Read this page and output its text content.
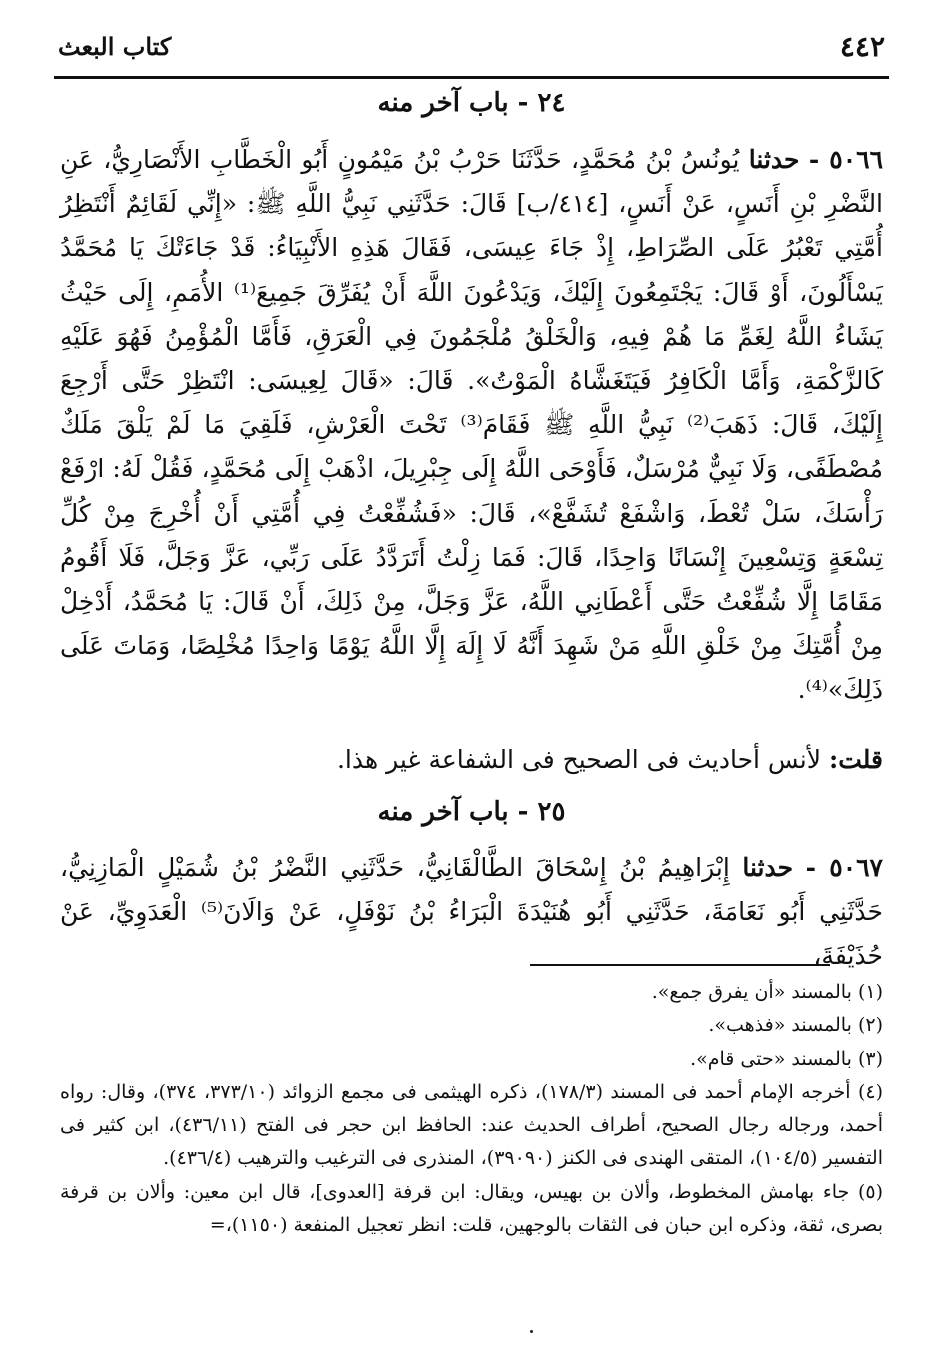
٤٤٢
كتاب البعث
٢٤ - باب آخر منه
٥٠٦٦ - حدثنا يُونُسُ بْنُ مُحَمَّدٍ، حَدَّثَنَا حَرْبُ بْنُ مَيْمُونٍ أَبُو الْخَطَّابِ الأَنْصَارِيُّ، عَنِ النَّضْرِ بْنِ أَنَسٍ، عَنْ أَنَسٍ، [٤١٤/ب] قَالَ: حَدَّثَنِي نَبِيُّ اللَّهِ ﷺ: «إِنِّي لَقَائِمٌ أَنْتَظِرُ أُمَّتِي تَعْبُرُ عَلَى الصِّرَاطِ، إِذْ جَاءَ عِيسَى، فَقَالَ هَذِهِ الأَنْبِيَاءُ: قَدْ جَاءَتْكَ يَا مُحَمَّدُ يَسْأَلُونَ، أَوْ قَالَ: يَجْتَمِعُونَ إِلَيْكَ، وَيَدْعُونَ اللَّهَ أَنْ يُفَرِّقَ جَمِيعَ⁽¹⁾ الأُمَمِ، إِلَى حَيْثُ يَشَاءُ اللَّهُ لِغَمِّ مَا هُمْ فِيهِ، وَالْخَلْقُ مُلْجَمُونَ فِي الْعَرَقِ، فَأَمَّا الْمُؤْمِنُ فَهُوَ عَلَيْهِ كَالزَّكْمَةِ، وَأَمَّا الْكَافِرُ فَيَتَغَشَّاهُ الْمَوْتُ». قَالَ: «قَالَ لِعِيسَى: انْتَظِرْ حَتَّى أَرْجِعَ إِلَيْكَ، قَالَ: ذَهَبَ⁽²⁾ نَبِيُّ اللَّهِ ﷺ فَقَامَ⁽³⁾ تَحْتَ الْعَرْشِ، فَلَقِيَ مَا لَمْ يَلْقَ مَلَكٌ مُصْطَفًى، وَلَا نَبِيٌّ مُرْسَلٌ، فَأَوْحَى اللَّهُ إِلَى جِبْرِيلَ، اذْهَبْ إِلَى مُحَمَّدٍ، فَقُلْ لَهُ: ارْفَعْ رَأْسَكَ، سَلْ تُعْطَ، وَاشْفَعْ تُشَفَّعْ»، قَالَ: «فَشُفِّعْتُ فِي أُمَّتِي أَنْ أُخْرِجَ مِنْ كُلِّ تِسْعَةٍ وَتِسْعِينَ إِنْسَانًا وَاحِدًا، قَالَ: فَمَا زِلْتُ أَتَرَدَّدُ عَلَى رَبِّي، عَزَّ وَجَلَّ، فَلَا أَقُومُ مَقَامًا إِلَّا شُفِّعْتُ حَتَّى أَعْطَانِي اللَّهُ، عَزَّ وَجَلَّ، مِنْ ذَلِكَ، أَنْ قَالَ: يَا مُحَمَّدُ، أَدْخِلْ مِنْ أُمَّتِكَ مِنْ خَلْقِ اللَّهِ مَنْ شَهِدَ أَنَّهُ لَا إِلَهَ إِلَّا اللَّهُ يَوْمًا وَاحِدًا مُخْلِصًا، وَمَاتَ عَلَى ذَلِكَ»⁽⁴⁾.
قلت: لأنس أحاديث فى الصحيح فى الشفاعة غير هذا.
٢٥ - باب آخر منه
٥٠٦٧ - حدثنا إِبْرَاهِيمُ بْنُ إِسْحَاقَ الطَّالْقَانِيُّ، حَدَّثَنِي النَّضْرُ بْنُ شُمَيْلٍ الْمَازِنِيُّ، حَدَّثَنِي أَبُو نَعَامَةَ، حَدَّثَنِي أَبُو هُنَيْدَةَ الْبَرَاءُ بْنُ نَوْفَلٍ، عَنْ وَالَانَ⁽⁵⁾ الْعَدَوِيِّ، عَنْ حُذَيْفَةَ،
(١) بالمسند «أن يفرق جمع».
(٢) بالمسند «فذهب».
(٣) بالمسند «حتى قام».
(٤) أخرجه الإمام أحمد فى المسند (١٧٨/٣)، ذكره الهيثمى فى مجمع الزوائد (٣٧٣/١٠، ٣٧٤)، وقال: رواه أحمد، ورجاله رجال الصحيح، أطراف الحديث عند: الحافظ ابن حجر فى الفتح (٤٣٦/١١)، ابن كثير فى التفسير (١٠٤/٥)، المتقى الهندى فى الكنز (٣٩٠٩٠)، المنذرى فى الترغيب والترهيب (٤٣٦/٤).
(٥) جاء بهامش المخطوط، وألان بن بهيس، ويقال: ابن قرفة [العدوى]، قال ابن معين: وألان بن قرفة بصرى، ثقة، وذكره ابن حبان فى الثقات بالوجهين، قلت: انظر تعجيل المنفعة (١١٥٠)،=
